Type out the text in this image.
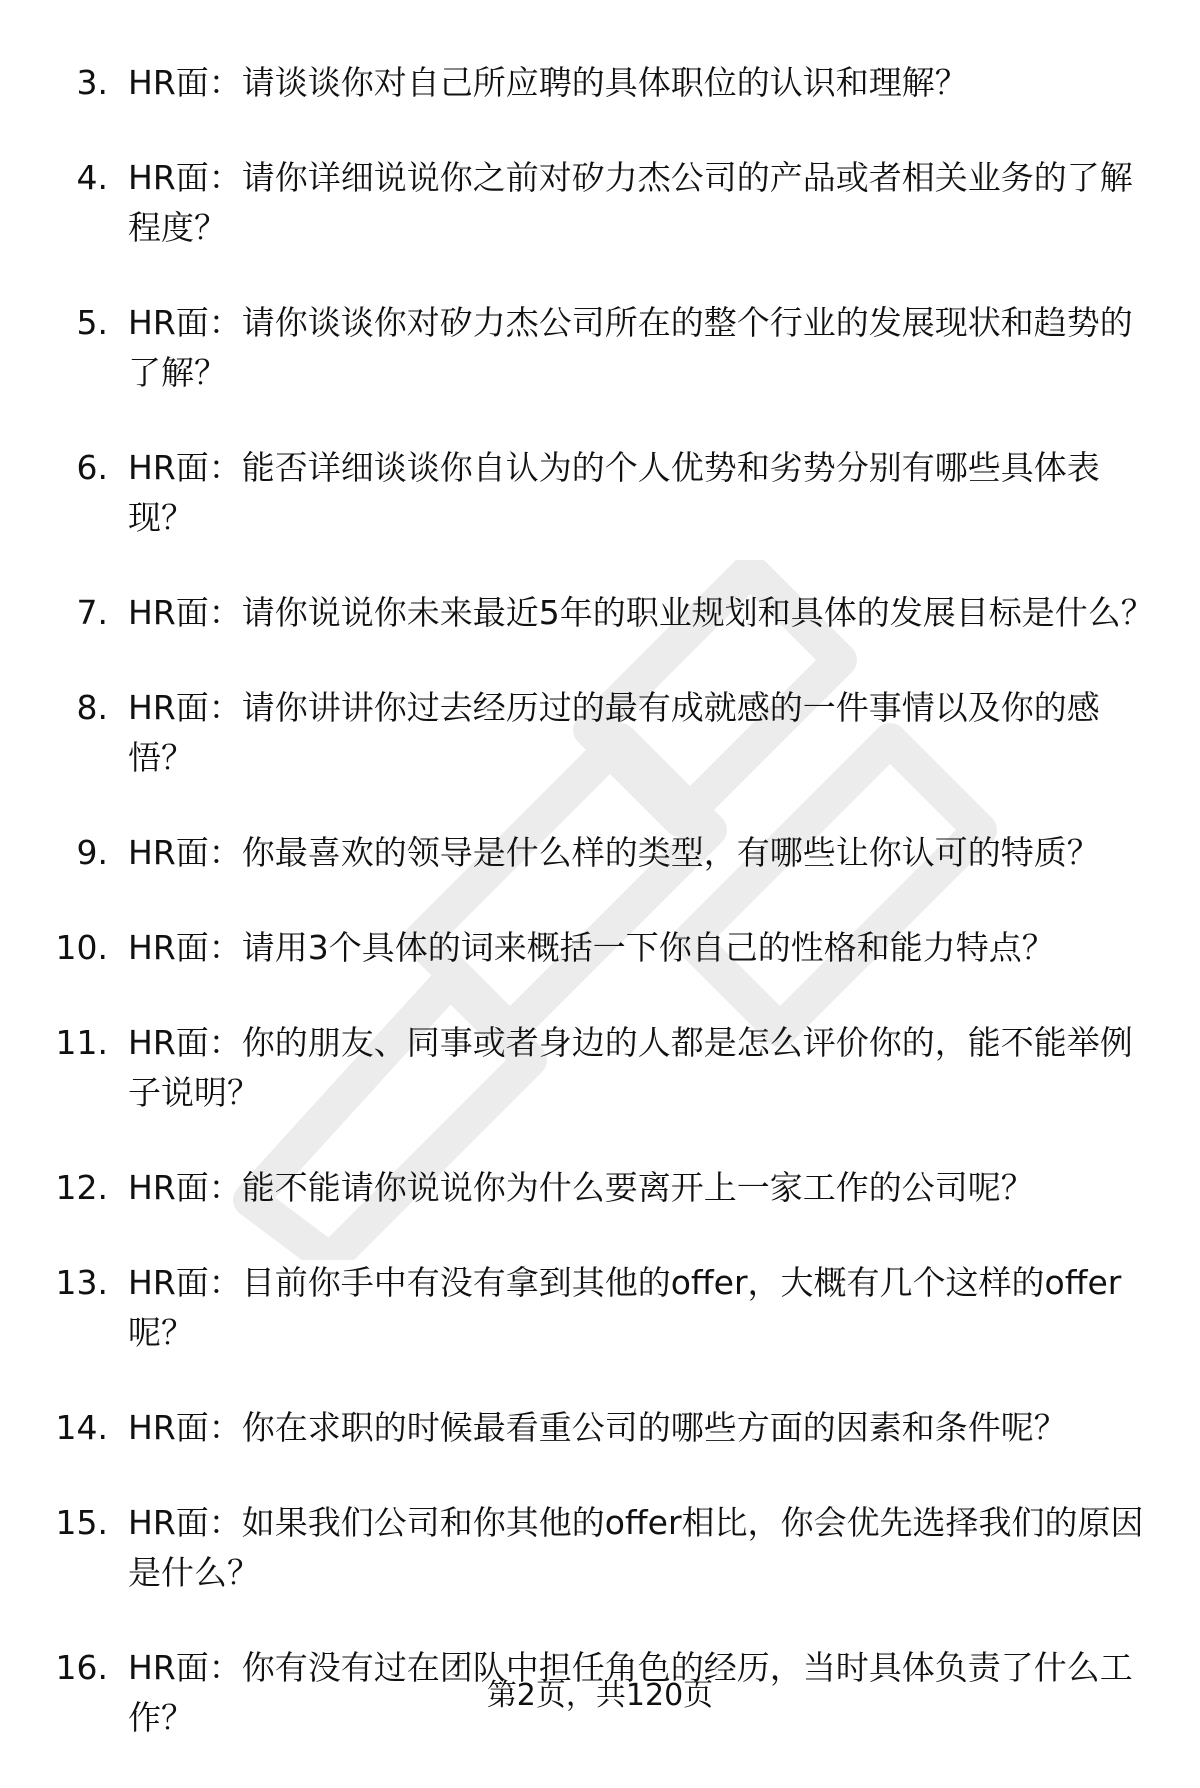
3. HR面：请谈谈你对自己所应聘的具体职位的认识和理解？
4. HR面：请你详细说说你之前对矽力杰公司的产品或者相关业务的了解程度？
5. HR面：请你谈谈你对矽力杰公司所在的整个行业的发展现状和趋势的了解？
6. HR面：能否详细谈谈你自认为的个人优势和劣势分别有哪些具体表现？
7. HR面：请你说说你未来最近5年的职业规划和具体的发展目标是什么？
8. HR面：请你讲讲你过去经历过的最有成就感的一件事情以及你的感悟？
9. HR面：你最喜欢的领导是什么样的类型，有哪些让你认可的特质？
10. HR面：请用3个具体的词来概括一下你自己的性格和能力特点？
11. HR面：你的朋友、同事或者身边的人都是怎么评价你的，能不能举例子说明？
12. HR面：能不能请你说说你为什么要离开上一家工作的公司呢？
13. HR面：目前你手中有没有拿到其他的offer，大概有几个这样的offer呢？
14. HR面：你在求职的时候最看重公司的哪些方面的因素和条件呢？
15. HR面：如果我们公司和你其他的offer相比，你会优先选择我们的原因是什么？
16. HR面：你有没有过在团队中担任角色的经历，当时具体负责了什么工作？
第2页，共120页
